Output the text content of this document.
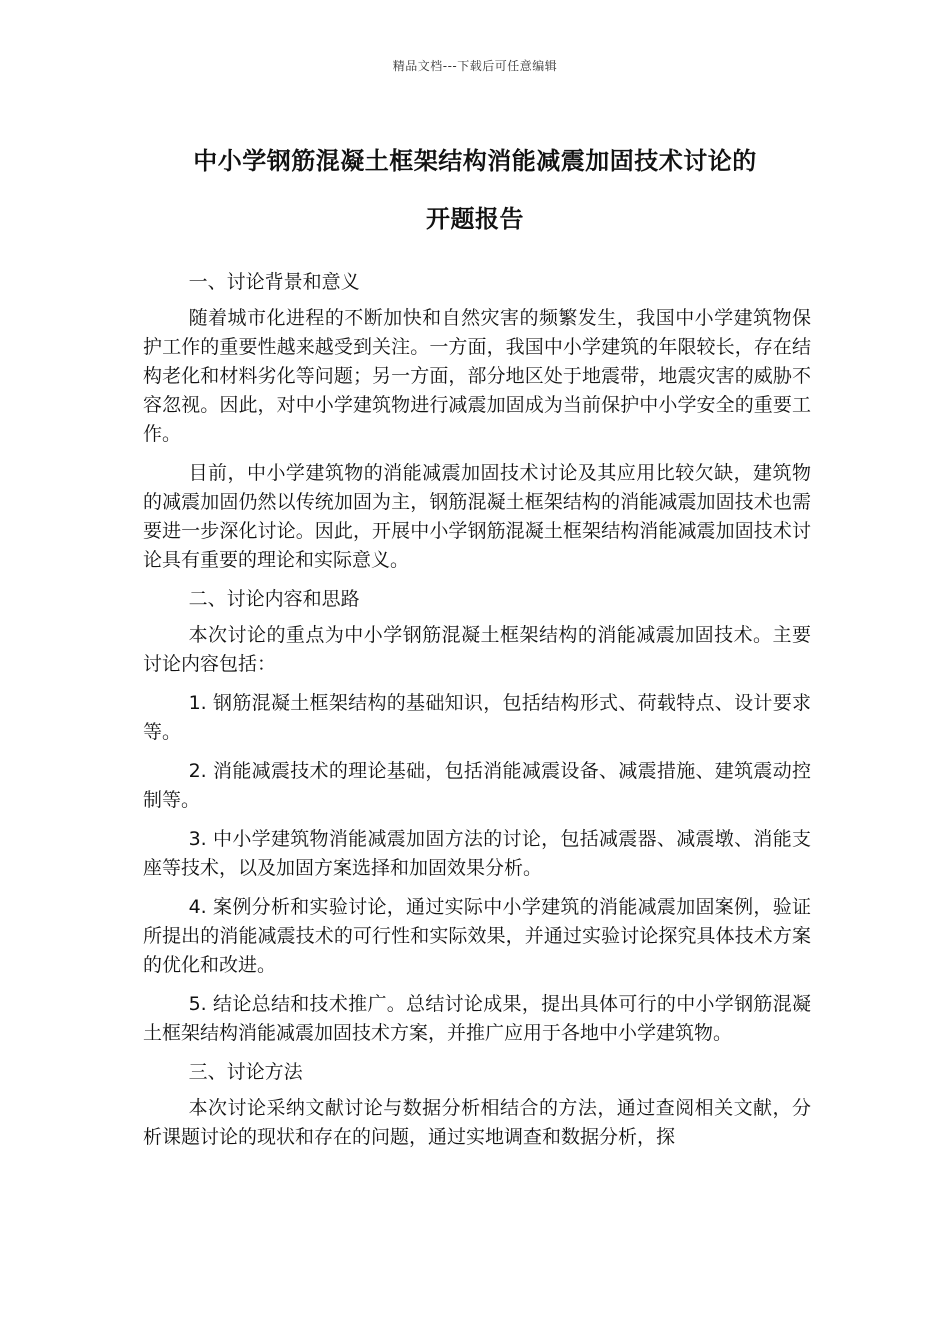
精品文档---下载后可任意编辑
中小学钢筋混凝土框架结构消能减震加固技术讨论的
开题报告

一、讨论背景和意义

随着城市化进程的不断加快和自然灾害的频繁发生，我国中小学建筑物保护工作的重要性越来越受到关注。一方面，我国中小学建筑的年限较长，存在结构老化和材料劣化等问题；另一方面，部分地区处于地震带，地震灾害的威胁不容忽视。因此，对中小学建筑物进行减震加固成为当前保护中小学安全的重要工作。

目前，中小学建筑物的消能减震加固技术讨论及其应用比较欠缺，建筑物的减震加固仍然以传统加固为主，钢筋混凝土框架结构的消能减震加固技术也需要进一步深化讨论。因此，开展中小学钢筋混凝土框架结构消能减震加固技术讨论具有重要的理论和实际意义。

二、讨论内容和思路

本次讨论的重点为中小学钢筋混凝土框架结构的消能减震加固技术。主要讨论内容包括：

1. 钢筋混凝土框架结构的基础知识，包括结构形式、荷载特点、设计要求等。

2. 消能减震技术的理论基础，包括消能减震设备、减震措施、建筑震动控制等。

3. 中小学建筑物消能减震加固方法的讨论，包括减震器、减震墩、消能支座等技术，以及加固方案选择和加固效果分析。

4. 案例分析和实验讨论，通过实际中小学建筑的消能减震加固案例，验证所提出的消能减震技术的可行性和实际效果，并通过实验讨论探究具体技术方案的优化和改进。

5. 结论总结和技术推广。总结讨论成果，提出具体可行的中小学钢筋混凝土框架结构消能减震加固技术方案，并推广应用于各地中小学建筑物。

三、讨论方法

本次讨论采纳文献讨论与数据分析相结合的方法，通过查阅相关文献，分析课题讨论的现状和存在的问题，通过实地调查和数据分析，探
